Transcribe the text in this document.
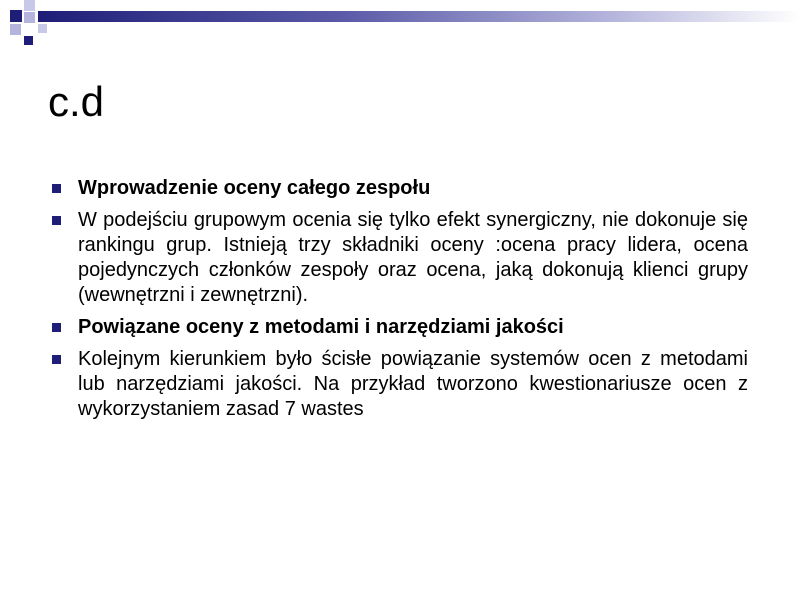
c.d
Wprowadzenie oceny całego zespołu
W podejściu grupowym ocenia się tylko efekt synergiczny, nie dokonuje się rankingu grup. Istnieją trzy składniki oceny :ocena pracy lidera, ocena pojedynczych członków zespoły oraz ocena, jaką dokonują klienci grupy (wewnętrzni i zewnętrzni).
Powiązane oceny z metodami i narzędziami jakości
Kolejnym kierunkiem było ścisłe powiązanie systemów ocen z metodami lub narzędziami jakości. Na przykład tworzono kwestionariusze ocen z wykorzystaniem zasad 7 wastes
